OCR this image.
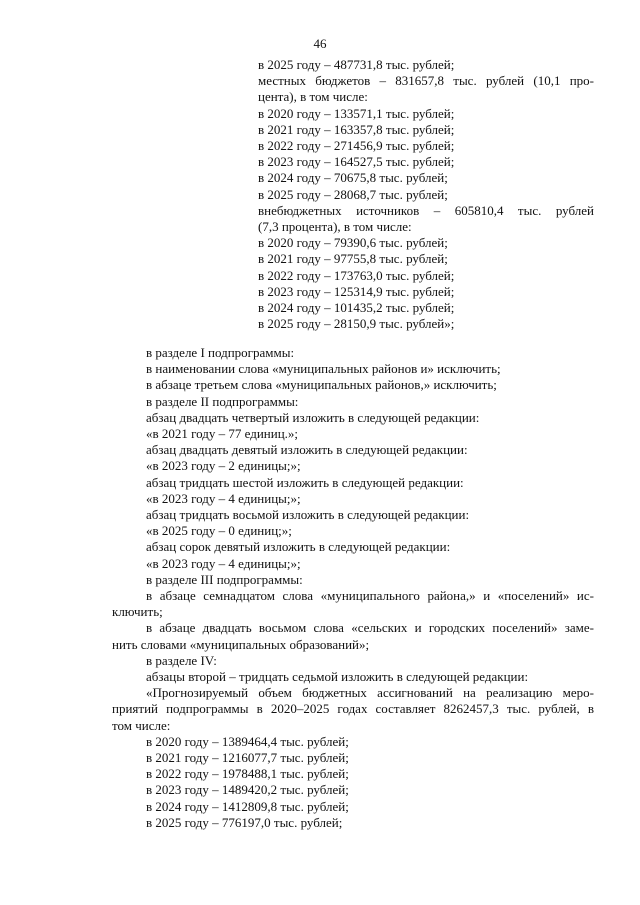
46
в 2025 году – 487731,8 тыс. рублей;
местных бюджетов – 831657,8 тыс. рублей (10,1 про-
цента), в том числе:
в 2020 году – 133571,1 тыс. рублей;
в 2021 году – 163357,8 тыс. рублей;
в 2022 году – 271456,9 тыс. рублей;
в 2023 году – 164527,5 тыс. рублей;
в 2024 году – 70675,8 тыс. рублей;
в 2025 году – 28068,7 тыс. рублей;
внебюджетных источников – 605810,4 тыс. рублей
(7,3 процента), в том числе:
в 2020 году – 79390,6 тыс. рублей;
в 2021 году – 97755,8 тыс. рублей;
в 2022 году – 173763,0 тыс. рублей;
в 2023 году – 125314,9 тыс. рублей;
в 2024 году – 101435,2 тыс. рублей;
в 2025 году – 28150,9 тыс. рублей»;
в разделе I подпрограммы:
в наименовании слова «муниципальных районов и» исключить;
в абзаце третьем слова «муниципальных районов,» исключить;
в разделе II подпрограммы:
абзац двадцать четвертый изложить в следующей редакции:
«в 2021 году – 77 единиц.»;
абзац двадцать девятый изложить в следующей редакции:
«в 2023 году – 2 единицы;»;
абзац тридцать шестой изложить в следующей редакции:
«в 2023 году – 4 единицы;»;
абзац тридцать восьмой изложить в следующей редакции:
«в 2025 году – 0 единиц;»;
абзац сорок девятый изложить в следующей редакции:
«в 2023 году – 4 единицы;»;
в разделе III подпрограммы:
в абзаце семнадцатом слова «муниципального района,» и «поселений» ис-
ключить;
в абзаце двадцать восьмом слова «сельских и городских поселений» заме-
нить словами «муниципальных образований»;
в разделе IV:
абзацы второй – тридцать седьмой изложить в следующей редакции:
«Прогнозируемый объем бюджетных ассигнований на реализацию меро-
приятий подпрограммы в 2020–2025 годах составляет 8262457,3 тыс. рублей, в
том числе:
в 2020 году – 1389464,4 тыс. рублей;
в 2021 году – 1216077,7 тыс. рублей;
в 2022 году – 1978488,1 тыс. рублей;
в 2023 году – 1489420,2 тыс. рублей;
в 2024 году – 1412809,8 тыс. рублей;
в 2025 году – 776197,0 тыс. рублей;
